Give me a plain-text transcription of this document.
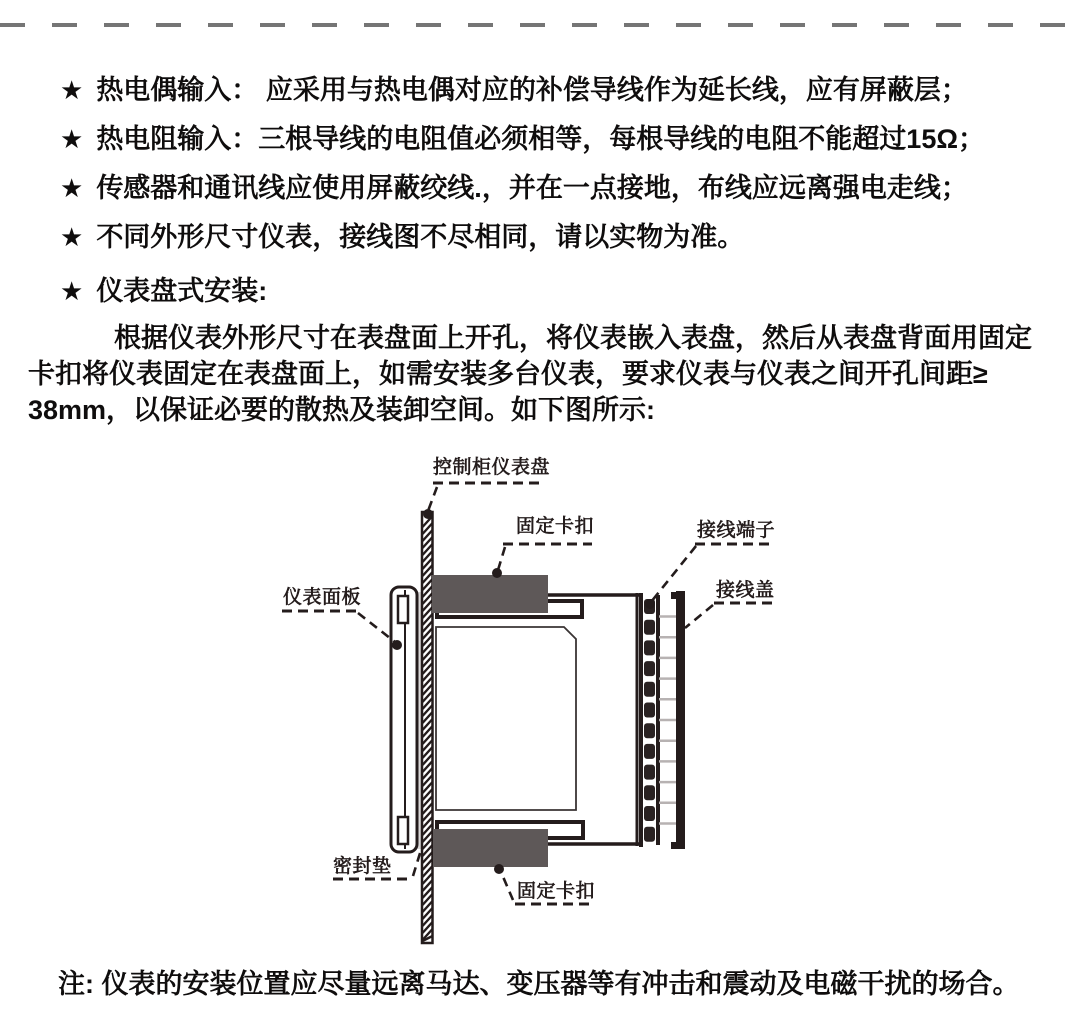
★ 热电偶输入： 应采用与热电偶对应的补偿导线作为延长线，应有屏蔽层；
★ 热电阻输入：三根导线的电阻值必须相等，每根导线的电阻不能超过15Ω；
★ 传感器和通讯线应使用屏蔽绞线.，并在一点接地，布线应远离强电走线；
★ 不同外形尺寸仪表，接线图不尽相同，请以实物为准。
★ 仪表盘式安装:
根据仪表外形尺寸在表盘面上开孔，将仪表嵌入表盘，然后从表盘背面用固定
卡扣将仪表固定在表盘面上，如需安装多台仪表，要求仪表与仪表之间开孔间距≥
38mm，以保证必要的散热及装卸空间。如下图所示:
控制柜仪表盘
固定卡扣	接线端子
接线盖
仪表面板
密封垫
固定卡扣
注: 仪表的安装位置应尽量远离马达、变压器等有冲击和震动及电磁干扰的场合。
